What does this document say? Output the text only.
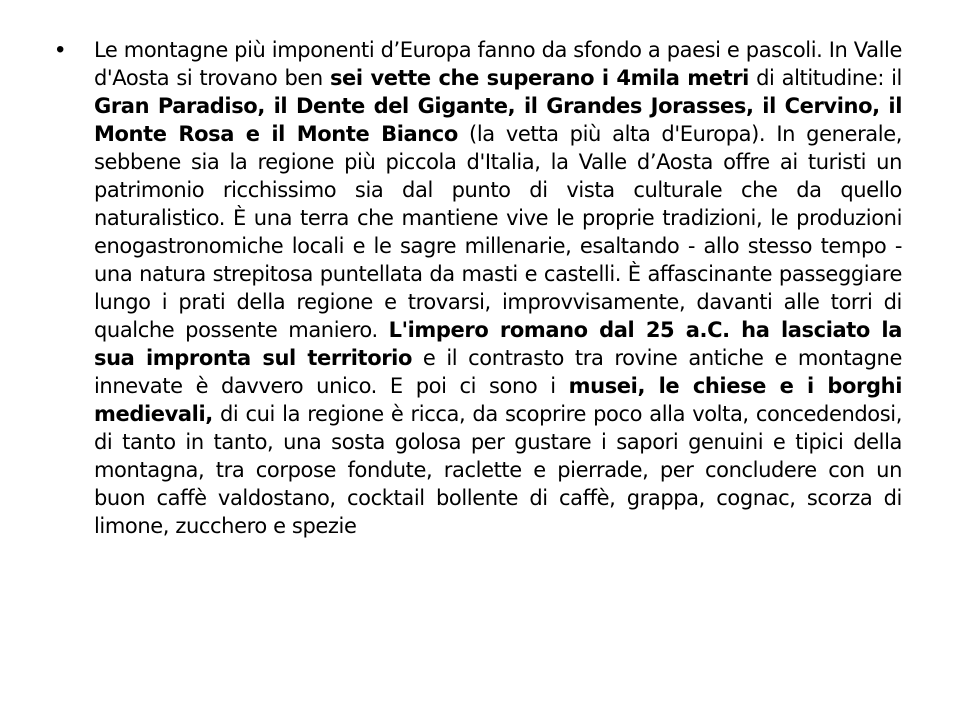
• Le montagne più imponenti d’Europa fanno da sfondo a paesi e pascoli. In Valle d'Aosta si trovano ben sei vette che superano i 4mila metri di altitudine: il Gran Paradiso, il Dente del Gigante, il Grandes Jorasses, il Cervino, il Monte Rosa e il Monte Bianco (la vetta più alta d'Europa). In generale, sebbene sia la regione più piccola d'Italia, la Valle d’Aosta offre ai turisti un patrimonio ricchissimo sia dal punto di vista culturale che da quello naturalistico. È una terra che mantiene vive le proprie tradizioni, le produzioni enogastronomiche locali e le sagre millenarie, esaltando - allo stesso tempo - una natura strepitosa puntellata da masti e castelli. È affascinante passeggiare lungo i prati della regione e trovarsi, improvvisamente, davanti alle torri di qualche possente maniero. L'impero romano dal 25 a.C. ha lasciato la sua impronta sul territorio e il contrasto tra rovine antiche e montagne innevate è davvero unico. E poi ci sono i musei, le chiese e i borghi medievali, di cui la regione è ricca, da scoprire poco alla volta, concedendosi, di tanto in tanto, una sosta golosa per gustare i sapori genuini e tipici della montagna, tra corpose fondute, raclette e pierrade, per concludere con un buon caffè valdostano, cocktail bollente di caffè, grappa, cognac, scorza di limone, zucchero e spezie
